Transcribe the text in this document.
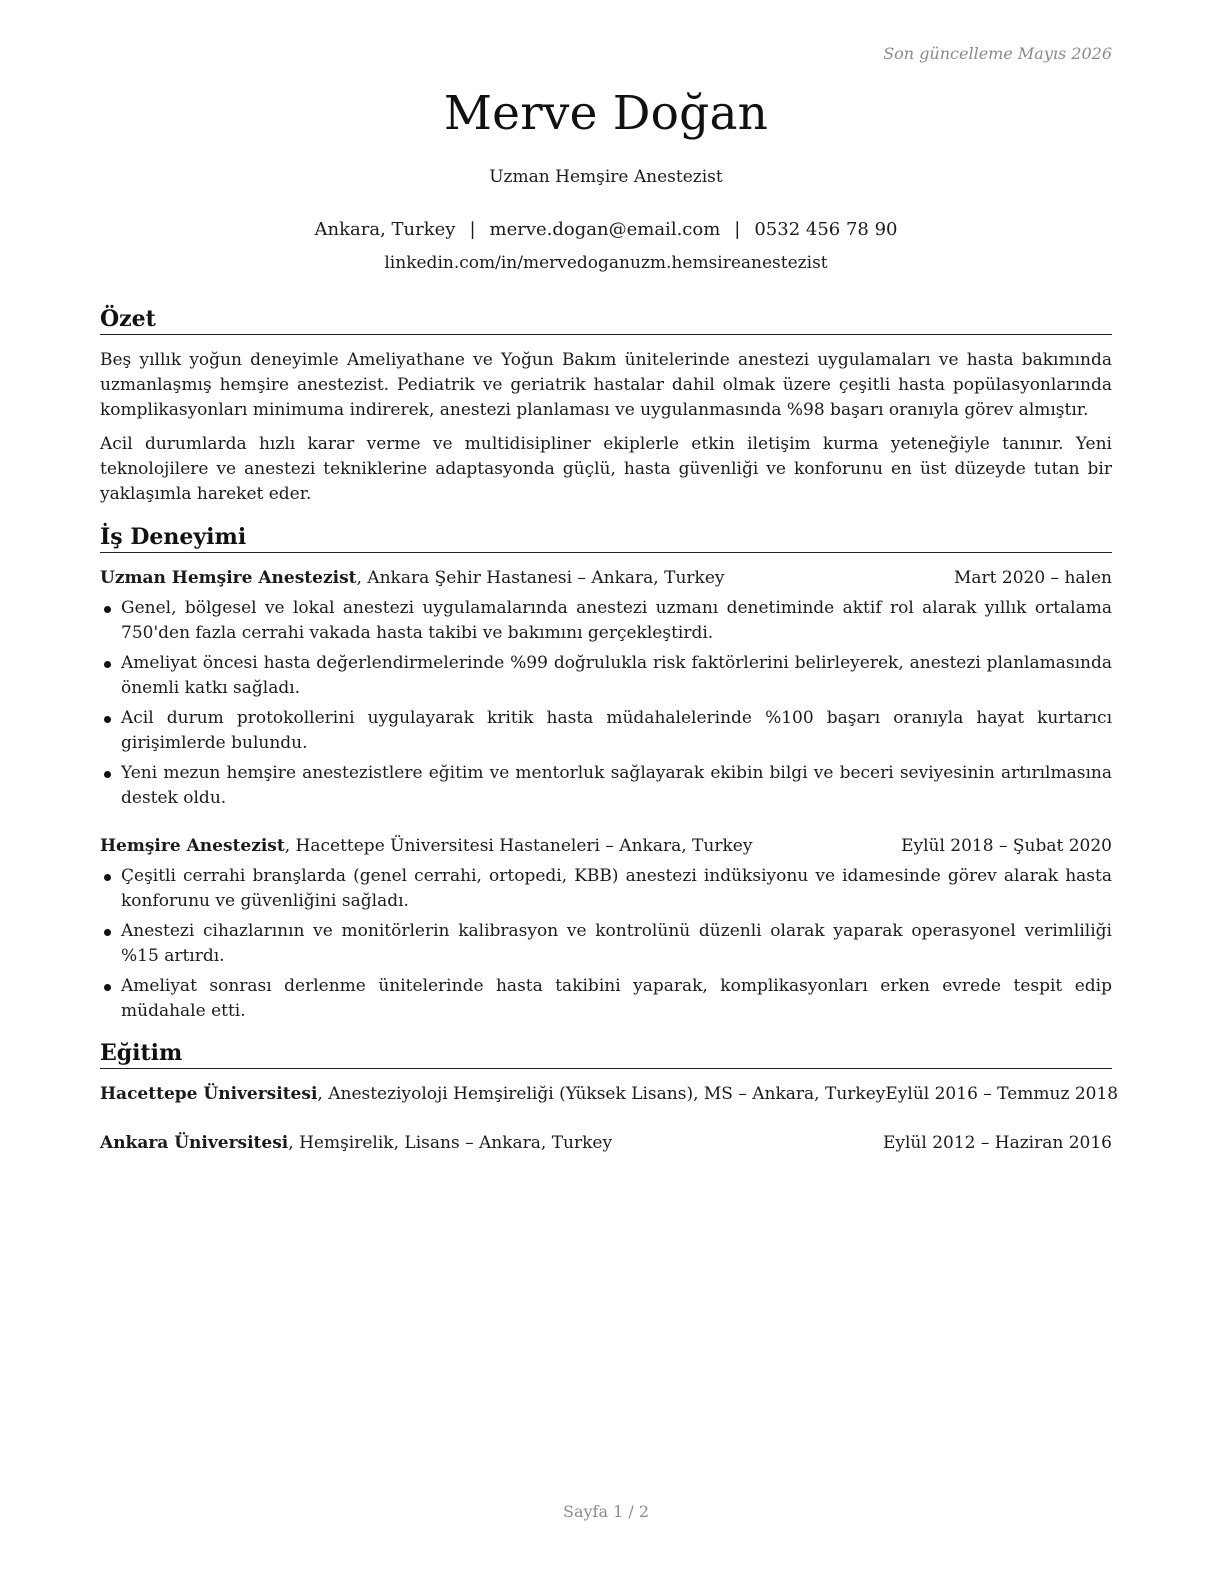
Son güncelleme Mayıs 2026
Merve Doğan
Uzman Hemşire Anestezist
Ankara, Turkey | merve.dogan@email.com | 0532 456 78 90
linkedin.com/in/mervedoganuzm.hemsireanestezist
Özet

Beş yıllık yoğun deneyimle Ameliyathane ve Yoğun Bakım ünitelerinde anestezi uygulamaları ve hasta bakımında uzmanlaşmış hemşire anestezist. Pediatrik ve geriatrik hastalar dahil olmak üzere çeşitli hasta popülasyonlarında komplikasyonları minimuma indirerek, anestezi planlaması ve uygulanmasında %98 başarı oranıyla görev almıştır.

Acil durumlarda hızlı karar verme ve multidisipliner ekiplerle etkin iletişim kurma yeteneğiyle tanınır. Yeni teknolojilere ve anestezi tekniklerine adaptasyonda güçlü, hasta güvenliği ve konforunu en üst düzeyde tutan bir yaklaşımla hareket eder.

İş Deneyimi
Uzman Hemşire Anestezist, Ankara Şehir Hastanesi – Ankara, Turkey	Mart 2020 – halen
Genel, bölgesel ve lokal anestezi uygulamalarında anestezi uzmanı denetiminde aktif rol alarak yıllık ortalama 750'den fazla cerrahi vakada hasta takibi ve bakımını gerçekleştirdi.
Ameliyat öncesi hasta değerlendirmelerinde %99 doğrulukla risk faktörlerini belirleyerek, anestezi planlamasında önemli katkı sağladı.
Acil durum protokollerini uygulayarak kritik hasta müdahalelerinde %100 başarı oranıyla hayat kurtarıcı girişimlerde bulundu.
Yeni mezun hemşire anestezistlere eğitim ve mentorluk sağlayarak ekibin bilgi ve beceri seviyesinin artırılmasına destek oldu.
Hemşire Anestezist, Hacettepe Üniversitesi Hastaneleri – Ankara, Turkey	Eylül 2018 – Şubat 2020
Çeşitli cerrahi branşlarda (genel cerrahi, ortopedi, KBB) anestezi indüksiyonu ve idamesinde görev alarak hasta konforunu ve güvenliğini sağladı.
Anestezi cihazlarının ve monitörlerin kalibrasyon ve kontrolünü düzenli olarak yaparak operasyonel verimliliği %15 artırdı.
Ameliyat sonrası derlenme ünitelerinde hasta takibini yaparak, komplikasyonları erken evrede tespit edip müdahale etti.
Eğitim
Hacettepe Üniversitesi, Anesteziyoloji Hemşireliği (Yüksek Lisans), MS – Ankara, Turkey Eylül 2016 – Temmuz 2018
Ankara Üniversitesi, Hemşirelik, Lisans – Ankara, Turkey	Eylül 2012 – Haziran 2016
Sayfa 1 / 2
